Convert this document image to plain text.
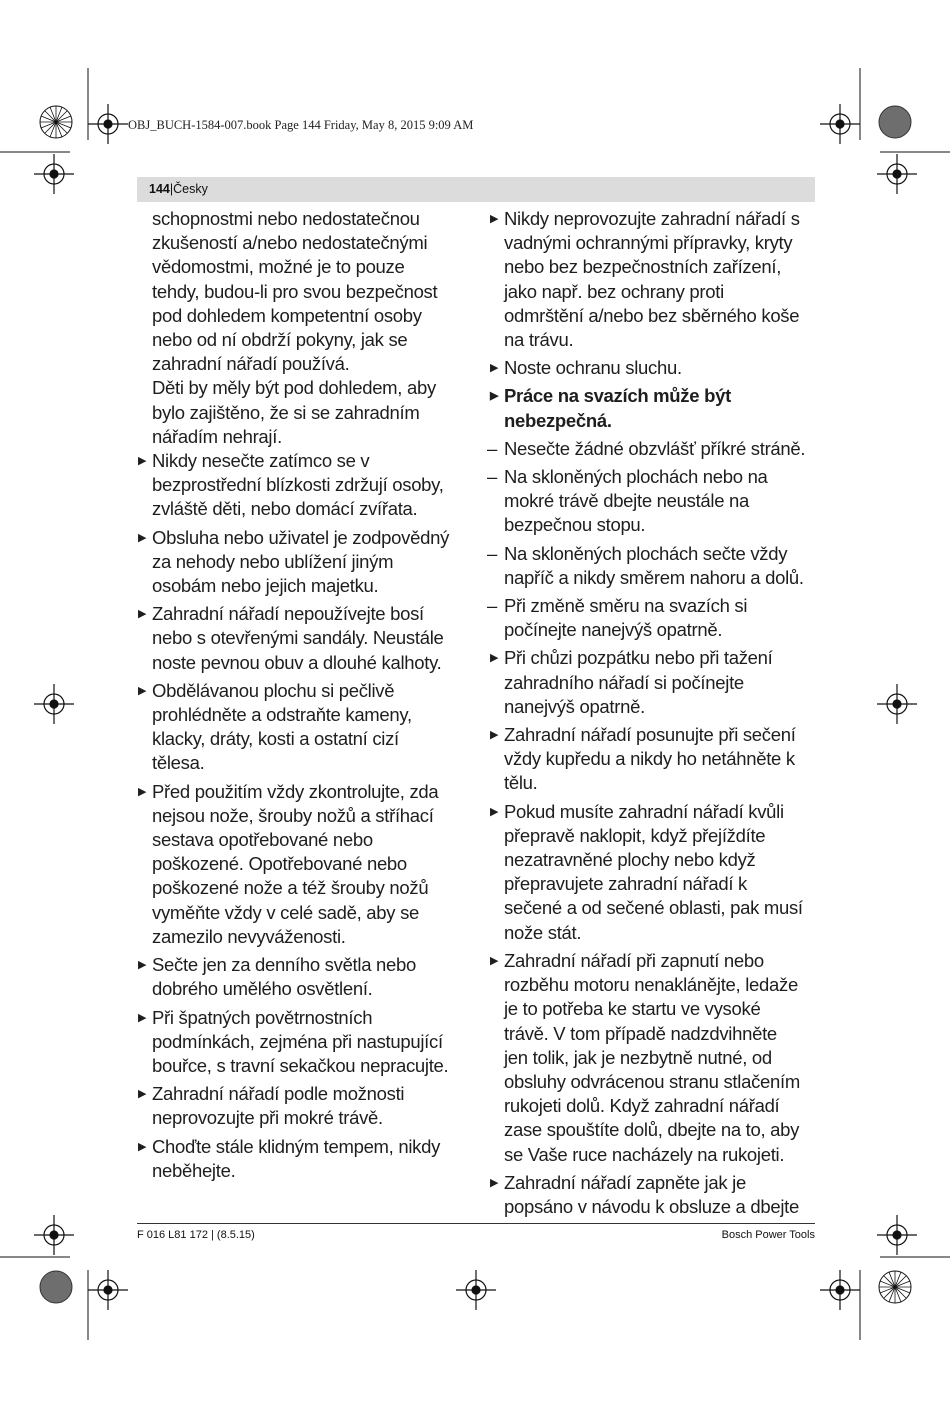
OBJ_BUCH-1584-007.book Page 144 Friday, May 8, 2015 9:09 AM
144|Česky
schopnostmi nebo nedostatečnou
zkušeností a/nebo nedostatečnými
vědomostmi, možné je to pouze
tehdy, budou-li pro svou bezpečnost
pod dohledem kompetentní osoby
nebo od ní obdrží pokyny, jak se
zahradní nářadí používá.
Děti by měly být pod dohledem, aby
bylo zajištěno, že si se zahradním
nářadím nehrají.
▶ Nikdy nesečte zatímco se v
bezprostřední blízkosti zdržují osoby,
zvláště děti, nebo domácí zvířata.
▶ Obsluha nebo uživatel je zodpovědný
za nehody nebo ublížení jiným
osobám nebo jejich majetku.
▶ Zahradní nářadí nepoužívejte bosí
nebo s otevřenými sandály. Neustále
noste pevnou obuv a dlouhé kalhoty.
▶ Obdělávanou plochu si pečlivě
prohlédněte a odstraňte kameny,
klacky, dráty, kosti a ostatní cizí
tělesa.
▶ Před použitím vždy zkontrolujte, zda
nejsou nože, šrouby nožů a stříhací
sestava opotřebované nebo
poškozené. Opotřebované nebo
poškozené nože a též šrouby nožů
vyměňte vždy v celé sadě, aby se
zamezilo nevyváženosti.
▶ Sečte jen za denního světla nebo
dobrého umělého osvětlení.
▶ Při špatných povětrnostních
podmínkách, zejména při nastupující
bouřce, s travní sekačkou nepracujte.
▶ Zahradní nářadí podle možnosti
neprovozujte při mokré trávě.
▶ Choďte stále klidným tempem, nikdy
neběhejte.
▶ Nikdy neprovozujte zahradní nářadí s
vadnými ochrannými přípravky, kryty
nebo bez bezpečnostních zařízení,
jako např. bez ochrany proti
odmrštění a/nebo bez sběrného koše
na trávu.
▶ Noste ochranu sluchu.
▶ Práce na svazích může být
nebezpečná.
– Nesečte žádné obzvlášť příkré stráně.
– Na skloněných plochách nebo na
mokré trávě dbejte neustále na
bezpečnou stopu.
– Na skloněných plochách sečte vždy
napříč a nikdy směrem nahoru a dolů.
– Při změně směru na svazích si
počínejte nanejvýš opatrně.
▶ Při chůzi pozpátku nebo při tažení
zahradního nářadí si počínejte
nanejvýš opatrně.
▶ Zahradní nářadí posunujte při sečení
vždy kupředu a nikdy ho netáhněte k
tělu.
▶ Pokud musíte zahradní nářadí kvůli
přepravě naklopit, když přejíždíte
nezatravněné plochy nebo když
přepravujete zahradní nářadí k
sečené a od sečené oblasti, pak musí
nože stát.
▶ Zahradní nářadí při zapnutí nebo
rozběhu motoru nenaklánějte, ledaže
je to potřeba ke startu ve vysoké
trávě. V tom případě nadzdvihněte
jen tolik, jak je nezbytně nutné, od
obsluhy odvrácenou stranu stlačením
rukojeti dolů. Když zahradní nářadí
zase spouštíte dolů, dbejte na to, aby
se Vaše ruce nacházely na rukojeti.
▶ Zahradní nářadí zapněte jak je
popsáno v návodu k obsluze a dbejte
F 016 L81 172 | (8.5.15)	Bosch Power Tools
